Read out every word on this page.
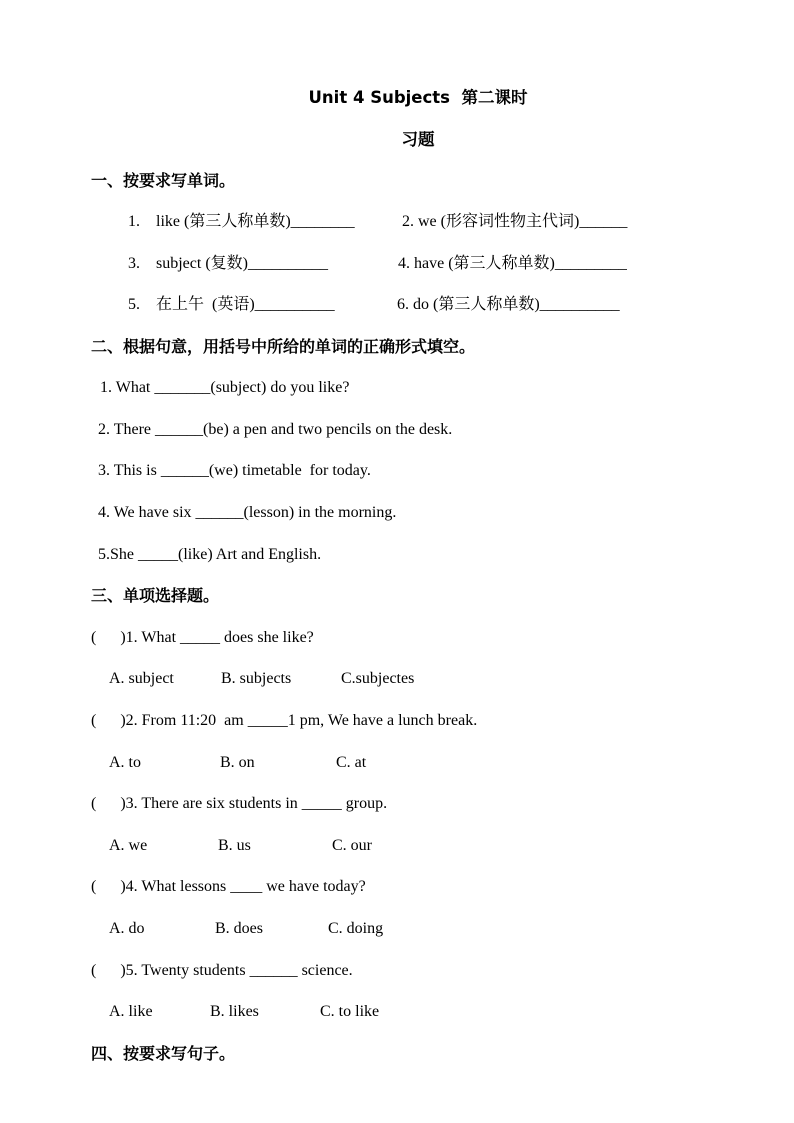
Unit 4 Subjects  第二课时
习题
一、按要求写单词。
1.    like (第三人称单数)________	2. we (形容词性物主代词)______
3.    subject (复数)__________	4. have (第三人称单数)_________
5.    在上午  (英语)__________	6. do (第三人称单数)__________
二、根据句意，用括号中所给的单词的正确形式填空。
1. What _______(subject) do you like?
2. There ______(be) a pen and two pencils on the desk.
3. This is ______(we) timetable  for today.
4. We have six ______(lesson) in the morning.
5.She _____(like) Art and English.
三、单项选择题。
(      )1. What _____ does she like?
A. subject	B. subjects	C.subjectes
(      )2. From 11:20  am _____1 pm, We have a lunch break.
A. to	B. on	C. at
(      )3. There are six students in _____ group.
A. we	B. us	C. our
(      )4. What lessons ____ we have today?
A. do	B. does	C. doing
(      )5. Twenty students ______ science.
A. like	B. likes	C. to like
四、按要求写句子。
